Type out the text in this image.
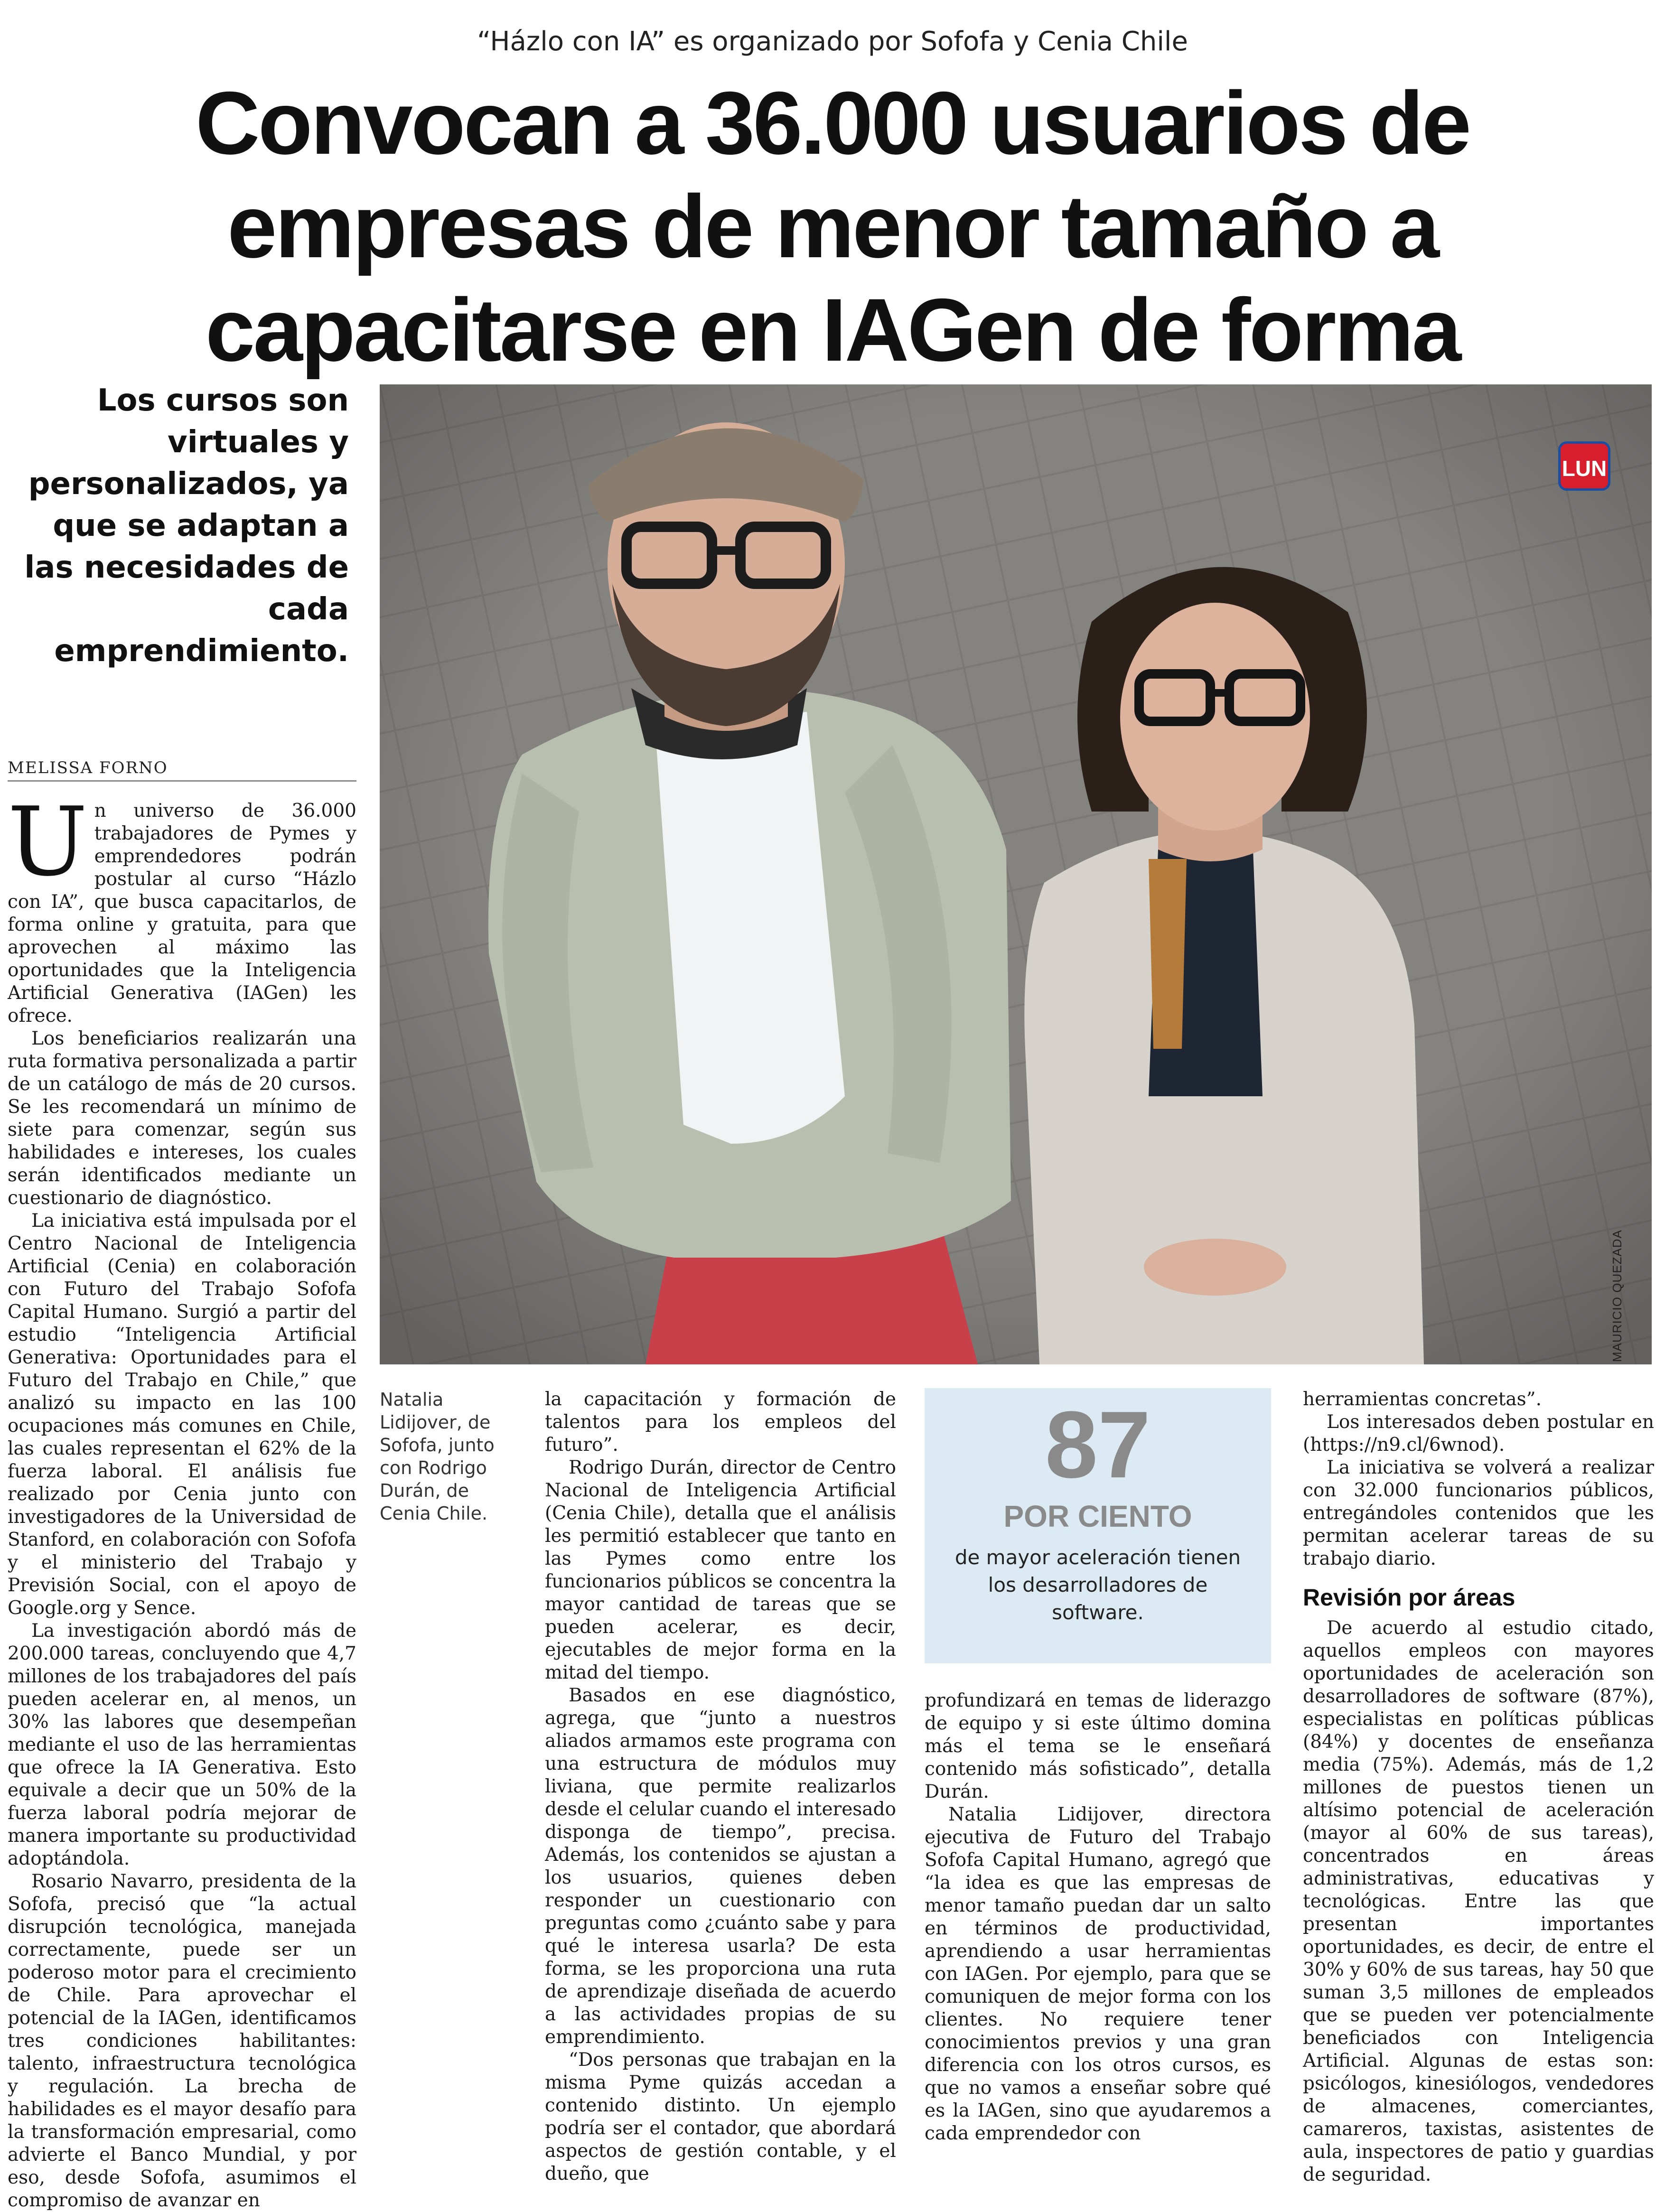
“Házlo con IA” es organizado por Sofofa y Cenia Chile
Convocan a 36.000 usuarios de
empresas de menor tamaño a
capacitarse en IAGen de forma
Los cursos son virtuales y personalizados, ya que se adaptan a las necesidades de cada emprendimiento.
MELISSA FORNO
LUN
MAURICIO QUEZADA
Natalia Lidijover, de Sofofa, junto con Rodrigo Durán, de Cenia Chile.

Un universo de 36.000 trabajadores de Pymes y emprendedores podrán postular al curso “Házlo con IA”, que busca capacitarlos, de forma online y gratuita, para que aprovechen al máximo las oportunidades que la Inteligencia Artificial Generativa (IAGen) les ofrece.

Los beneficiarios realizarán una ruta formativa personalizada a partir de un catálogo de más de 20 cursos. Se les recomendará un mínimo de siete para comenzar, según sus habilidades e intereses, los cuales serán identificados mediante un cuestionario de diagnóstico.

La iniciativa está impulsada por el Centro Nacional de Inteligencia Artificial (Cenia) en colaboración con Futuro del Trabajo Sofofa Capital Humano. Surgió a partir del estudio “Inteligencia Artificial Generativa: Oportunidades para el Futuro del Trabajo en Chile,” que analizó su impacto en las 100 ocupaciones más comunes en Chile, las cuales representan el 62% de la fuerza laboral. El análisis fue realizado por Cenia junto con investigadores de la Universidad de Stanford, en colaboración con Sofofa y el ministerio del Trabajo y Previsión Social, con el apoyo de Google.org y Sence.

La investigación abordó más de 200.000 tareas, concluyendo que 4,7 millones de los trabajadores del país pueden acelerar en, al menos, un 30% las labores que desempeñan mediante el uso de las herramientas que ofrece la IA Generativa. Esto equivale a decir que un 50% de la fuerza laboral podría mejorar de manera importante su productividad adoptándola.

Rosario Navarro, presidenta de la Sofofa, precisó que “la actual disrupción tecnológica, manejada correctamente, puede ser un poderoso motor para el crecimiento de Chile. Para aprovechar el potencial de la IAGen, identificamos tres condiciones habilitantes: talento, infraestructura tecnológica y regulación. La brecha de habilidades es el mayor desafío para la transformación empresarial, como advierte el Banco Mundial, y por eso, desde Sofofa, asumimos el compromiso de avanzar en

la capacitación y formación de talentos para los empleos del futuro”.

Rodrigo Durán, director de Centro Nacional de Inteligencia Artificial (Cenia Chile), detalla que el análisis les permitió establecer que tanto en las Pymes como entre los funcionarios públicos se concentra la mayor cantidad de tareas que se pueden acelerar, es decir, ejecutables de mejor forma en la mitad del tiempo.

Basados en ese diagnóstico, agrega, que “junto a nuestros aliados armamos este programa con una estructura de módulos muy liviana, que permite realizarlos desde el celular cuando el interesado disponga de tiempo”, precisa. Además, los contenidos se ajustan a los usuarios, quienes deben responder un cuestionario con preguntas como ¿cuánto sabe y para qué le interesa usarla? De esta forma, se les proporciona una ruta de aprendizaje diseñada de acuerdo a las actividades propias de su emprendimiento.

“Dos personas que trabajan en la misma Pyme quizás accedan a contenido distinto. Un ejemplo podría ser el contador, que abordará aspectos de gestión contable, y el dueño, que

87
POR CIENTO
de mayor aceleración tienen los desarrolladores de software.

profundizará en temas de liderazgo de equipo y si este último domina más el tema se le enseñará contenido más sofisticado”, detalla Durán.

Natalia Lidijover, directora ejecutiva de Futuro del Trabajo Sofofa Capital Humano, agregó que “la idea es que las empresas de menor tamaño puedan dar un salto en términos de productividad, aprendiendo a usar herramientas con IAGen. Por ejemplo, para que se comuniquen de mejor forma con los clientes. No requiere tener conocimientos previos y una gran diferencia con los otros cursos, es que no vamos a enseñar sobre qué es la IAGen, sino que ayudaremos a cada emprendedor con

herramientas concretas”.

Los interesados deben postular en (https://n9.cl/6wnod).

La iniciativa se volverá a realizar con 32.000 funcionarios públicos, entregándoles contenidos que les permitan acelerar tareas de su trabajo diario.

Revisión por áreas

De acuerdo al estudio citado, aquellos empleos con mayores oportunidades de aceleración son desarrolladores de software (87%), especialistas en políticas públicas (84%) y docentes de enseñanza media (75%). Además, más de 1,2 millones de puestos tienen un altísimo potencial de aceleración (mayor al 60% de sus tareas), concentrados en áreas administrativas, educativas y tecnológicas. Entre las que presentan importantes oportunidades, es decir, de entre el 30% y 60% de sus tareas, hay 50 que suman 3,5 millones de empleados que se pueden ver potencialmente beneficiados con Inteligencia Artificial. Algunas de estas son: psicólogos, kinesiólogos, vendedores de almacenes, comerciantes, camareros, taxistas, asistentes de aula, inspectores de patio y guardias de seguridad.
